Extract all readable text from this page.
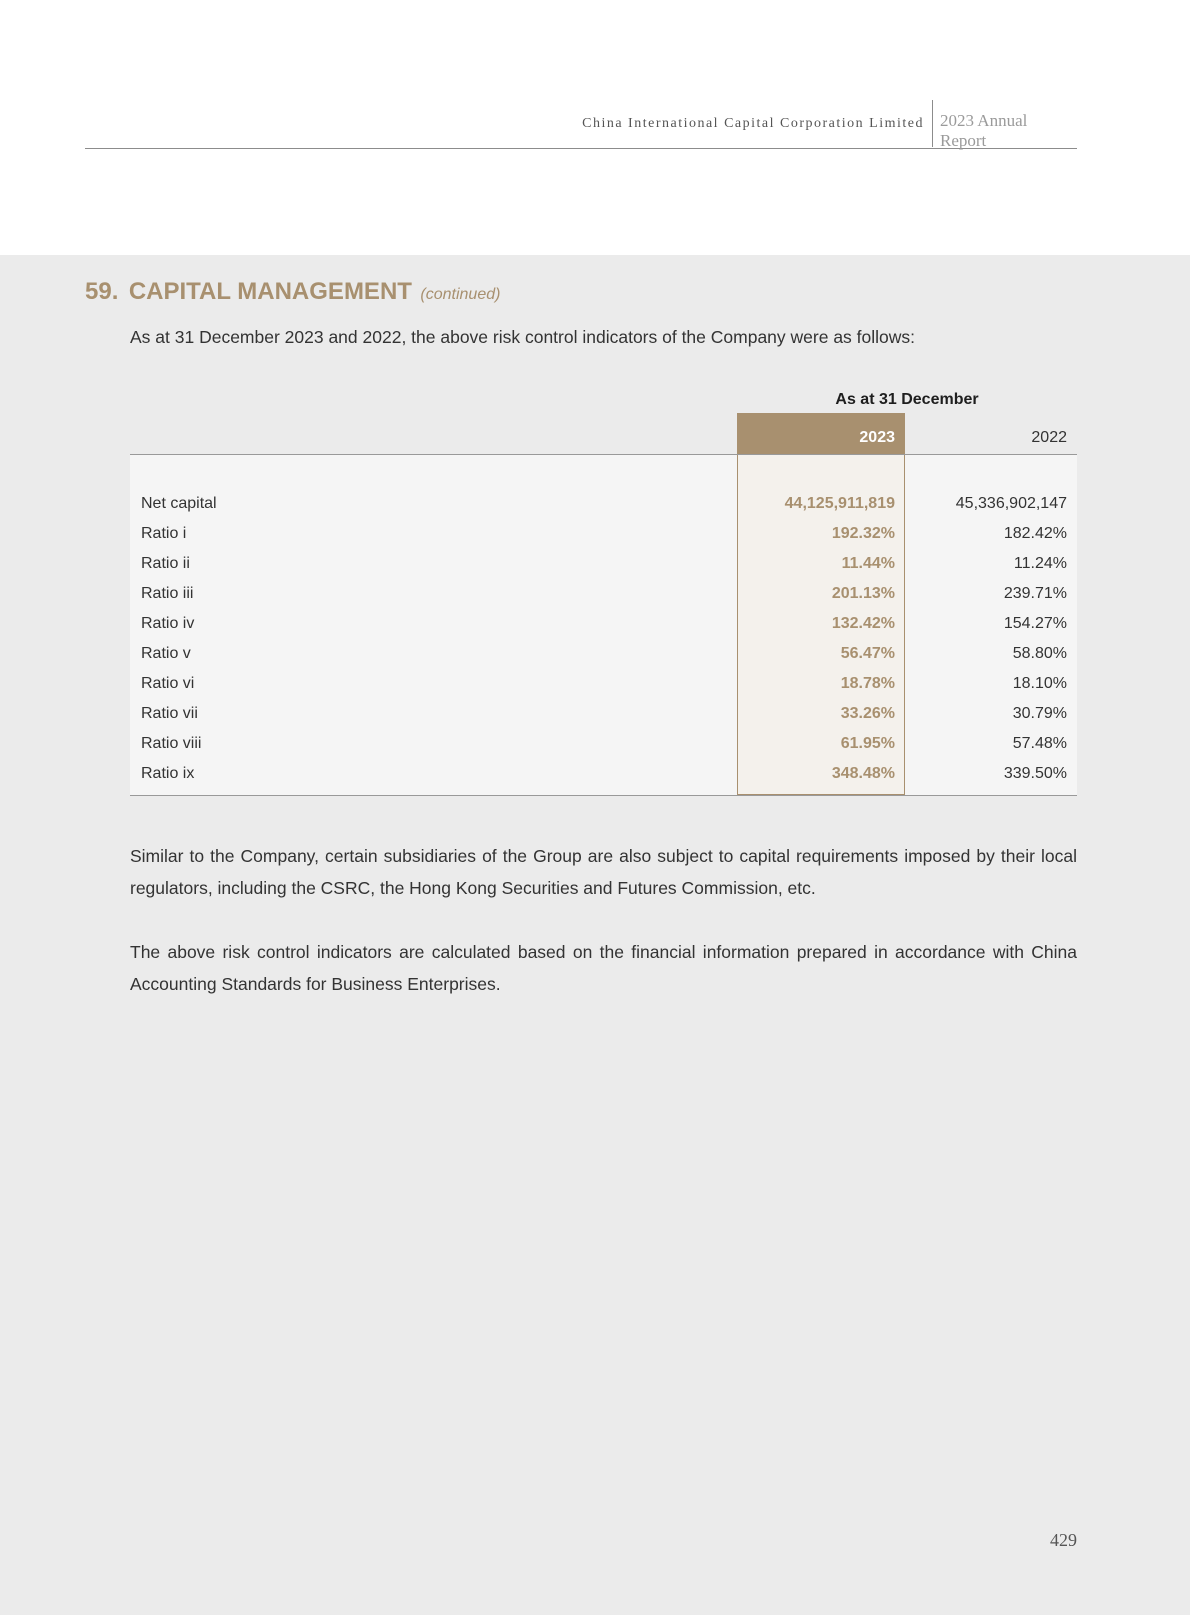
China International Capital Corporation Limited 2023 Annual Report
59. CAPITAL MANAGEMENT (continued)
As at 31 December 2023 and 2022, the above risk control indicators of the Company were as follows:
As at 31 December
2023	2022
Net capital	44,125,911,819	45,336,902,147
Ratio i	192.32%	182.42%
Ratio ii	11.44%	11.24%
Ratio iii	201.13%	239.71%
Ratio iv	132.42%	154.27%
Ratio v	56.47%	58.80%
Ratio vi	18.78%	18.10%
Ratio vii	33.26%	30.79%
Ratio viii	61.95%	57.48%
Ratio ix	348.48%	339.50%
Similar to the Company, certain subsidiaries of the Group are also subject to capital requirements imposed by their local regulators, including the CSRC, the Hong Kong Securities and Futures Commission, etc.
The above risk control indicators are calculated based on the financial information prepared in accordance with China Accounting Standards for Business Enterprises.
429
